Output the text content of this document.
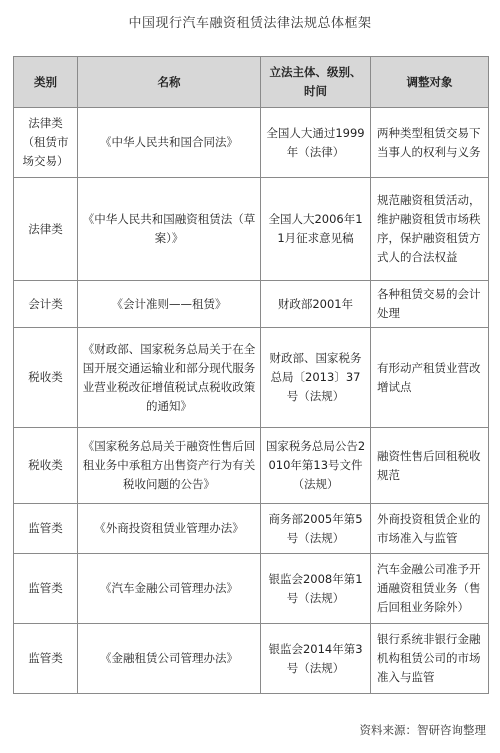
中国现行汽车融资租赁法律法规总体框架
类别	名称	立法主体、级别、时间	调整对象
法律类（租赁市场交易）	《中华人民共和国合同法》	全国人大通过1999年（法律）	两种类型租赁交易下当事人的权利与义务
法律类	《中华人民共和国融资租赁法（草案）》	全国人大2006年11月征求意见稿	规范融资租赁活动，维护融资租赁市场秩序，保护融资租赁方式人的合法权益
会计类	《会计准则——租赁》	财政部2001年	各种租赁交易的会计处理
税收类	《财政部、国家税务总局关于在全国开展交通运输业和部分现代服务业营业税改征增值税试点税收政策的通知》	财政部、国家税务总局〔2013〕37号（法规）	有形动产租赁业营改增试点
税收类	《国家税务总局关于融资性售后回租业务中承租方出售资产行为有关税收问题的公告》	国家税务总局公告2010年第13号文件（法规）	融资性售后回租税收规范
监管类	《外商投资租赁业管理办法》	商务部2005年第5号（法规）	外商投资租赁企业的市场准入与监管
监管类	《汽车金融公司管理办法》	银监会2008年第1号（法规）	汽车金融公司准予开通融资租赁业务（售后回租业务除外）
监管类	《金融租赁公司管理办法》	银监会2014年第3号（法规）	银行系统非银行金融机构租赁公司的市场准入与监管
资料来源：智研咨询整理
